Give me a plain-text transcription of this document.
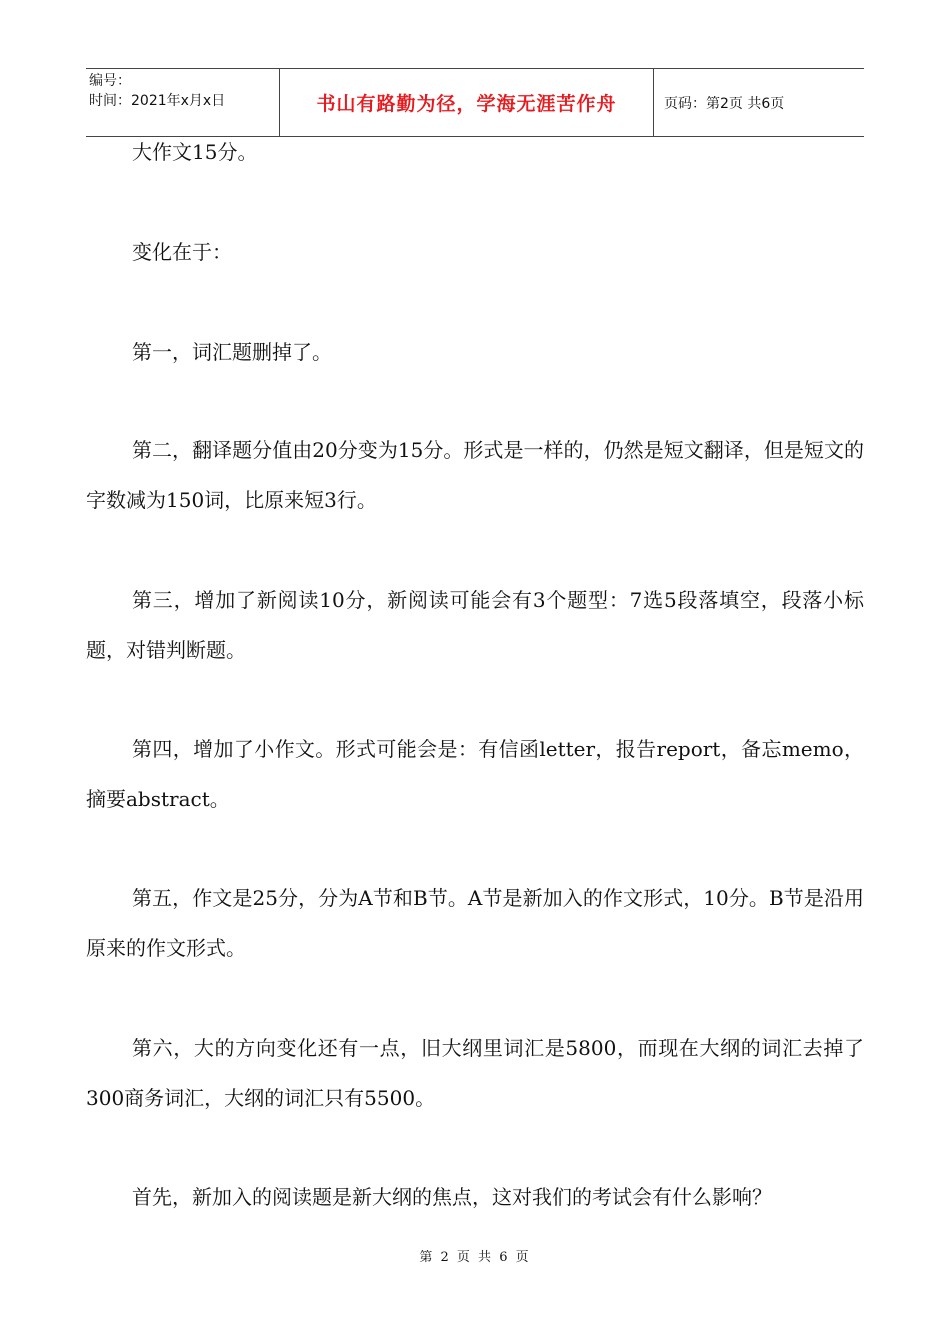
编号：
时间：2021年x月x日	书山有路勤为径，学海无涯苦作舟	页码：第2页 共6页

大作文15分。

变化在于：

第一，词汇题删掉了。

第二，翻译题分值由20分变为15分。形式是一样的，仍然是短文翻译，但是短文的字数减为150词，比原来短3行。

第三，增加了新阅读10分，新阅读可能会有3个题型：7选5段落填空，段落小标题，对错判断题。

第四，增加了小作文。形式可能会是：有信函letter，报告report，备忘memo，摘要abstract。

第五，作文是25分，分为A节和B节。A节是新加入的作文形式，10分。B节是沿用原来的作文形式。

第六，大的方向变化还有一点，旧大纲里词汇是5800，而现在大纲的词汇去掉了300商务词汇，大纲的词汇只有5500。

首先，新加入的阅读题是新大纲的焦点，这对我们的考试会有什么影响？

第 2 页 共 6 页
